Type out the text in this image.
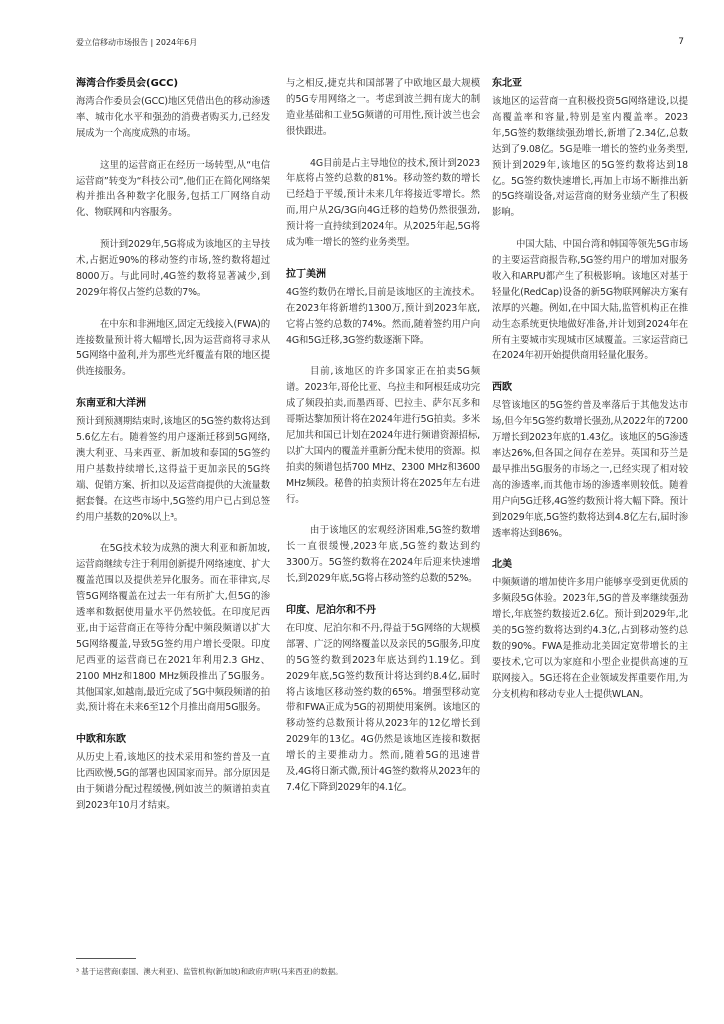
爱立信移动市场报告 | 2024年6月	7
海湾合作委员会(GCC)

海湾合作委员会(GCC)地区凭借出色的移动渗透率、城市化水平和强劲的消费者购买力,已经发展成为一个高度成熟的市场。

这里的运营商正在经历一场转型,从“电信运营商”转变为“科技公司”,他们正在简化网络架构并推出各种数字化服务,包括工厂网络自动化、物联网和内容服务。

预计到2029年,5G将成为该地区的主导技术,占据近90%的移动签约市场,签约数将超过8000万。与此同时,4G签约数将显著减少,到2029年将仅占签约总数的7%。

在中东和非洲地区,固定无线接入(FWA)的连接数量预计将大幅增长,因为运营商将寻求从5G网络中盈利,并为那些光纤覆盖有限的地区提供连接服务。

东南亚和大洋洲

预计到预测期结束时,该地区的5G签约数将达到5.6亿左右。随着签约用户逐渐迁移到5G网络,澳大利亚、马来西亚、新加坡和泰国的5G签约用户基数持续增长,这得益于更加亲民的5G终端、促销方案、折扣以及运营商提供的大流量数据套餐。在这些市场中,5G签约用户已占到总签约用户基数的20%以上³。

在5G技术较为成熟的澳大利亚和新加坡,运营商继续专注于利用创新提升网络速度、扩大覆盖范围以及提供差异化服务。而在菲律宾,尽管5G网络覆盖在过去一年有所扩大,但5G的渗透率和数据使用量水平仍然较低。在印度尼西亚,由于运营商正在等待分配中频段频谱以扩大5G网络覆盖,导致5G签约用户增长受限。印度尼西亚的运营商已在2021年利用2.3 GHz、2100 MHz和1800 MHz频段推出了5G服务。其他国家,如越南,最近完成了5G中频段频谱的拍卖,预计将在未来6至12个月推出商用5G服务。

中欧和东欧

从历史上看,该地区的技术采用和签约普及一直比西欧慢,5G的部署也因国家而异。部分原因是由于频谱分配过程缓慢,例如波兰的频谱拍卖直到2023年10月才结束。

与之相反,捷克共和国部署了中欧地区最大规模的5G专用网络之一。考虑到波兰拥有庞大的制造业基础和工业5G频谱的可用性,预计波兰也会很快跟进。

4G目前是占主导地位的技术,预计到2023年底将占签约总数的81%。移动签约数的增长已经趋于平缓,预计未来几年将接近零增长。然而,用户从2G/3G向4G迁移的趋势仍然很强劲,预计将一直持续到2024年。从2025年起,5G将成为唯一增长的签约业务类型。

拉丁美洲

4G签约数仍在增长,目前是该地区的主流技术。在2023年将新增约1300万,预计到2023年底,它将占签约总数的74%。然而,随着签约用户向4G和5G迁移,3G签约数逐渐下降。

目前,该地区的许多国家正在拍卖5G频谱。2023年,哥伦比亚、乌拉圭和阿根廷成功完成了频段拍卖,而墨西哥、巴拉圭、萨尔瓦多和哥斯达黎加预计将在2024年进行5G拍卖。多米尼加共和国已计划在2024年进行频谱资源招标,以扩大国内的覆盖并重新分配未使用的资源。拟拍卖的频谱包括700 MHz、2300 MHz和3600 MHz频段。秘鲁的拍卖预计将在2025年左右进行。

由于该地区的宏观经济困难,5G签约数增长一直很缓慢,2023年底,5G签约数达到约3300万。5G签约数将在2024年后迎来快速增长,到2029年底,5G将占移动签约总数的52%。

印度、尼泊尔和不丹

在印度、尼泊尔和不丹,得益于5G网络的大规模部署、广泛的网络覆盖以及亲民的5G服务,印度的5G签约数到2023年底达到约1.19亿。到2029年底,5G签约数预计将达到约8.4亿,届时将占该地区移动签约数的65%。增强型移动宽带和FWA正成为5G的初期使用案例。该地区的移动签约总数预计将从2023年的12亿增长到2029年的13亿。4G仍然是该地区连接和数据增长的主要推动力。然而,随着5G的迅速普及,4G将日渐式微,预计4G签约数将从2023年的7.4亿下降到2029年的4.1亿。

东北亚

该地区的运营商一直积极投资5G网络建设,以提高覆盖率和容量,特别是室内覆盖率。2023年,5G签约数继续强劲增长,新增了2.34亿,总数达到了9.08亿。5G是唯一增长的签约业务类型,预计到2029年,该地区的5G签约数将达到18亿。5G签约数快速增长,再加上市场不断推出新的5G终端设备,对运营商的财务业绩产生了积极影响。

中国大陆、中国台湾和韩国等领先5G市场的主要运营商报告称,5G签约用户的增加对服务收入和ARPU都产生了积极影响。该地区对基于轻量化(RedCap)设备的新5G物联网解决方案有浓厚的兴趣。例如,在中国大陆,监管机构正在推动生态系统更快地做好准备,并计划到2024年在所有主要城市实现城市区域覆盖。三家运营商已在2024年初开始提供商用轻量化服务。

西欧

尽管该地区的5G签约普及率落后于其他发达市场,但今年5G签约数增长强劲,从2022年的7200万增长到2023年底的1.43亿。该地区的5G渗透率达26%,但各国之间存在差异。英国和芬兰是最早推出5G服务的市场之一,已经实现了相对较高的渗透率,而其他市场的渗透率则较低。随着用户向5G迁移,4G签约数预计将大幅下降。预计到2029年底,5G签约数将达到4.8亿左右,届时渗透率将达到86%。

北美

中频频谱的增加使许多用户能够享受到更优质的多频段5G体验。2023年,5G的普及率继续强劲增长,年底签约数接近2.6亿。预计到2029年,北美的5G签约数将达到约4.3亿,占到移动签约总数的90%。FWA是推动北美固定宽带增长的主要技术,它可以为家庭和小型企业提供高速的互联网接入。5G还将在企业领域发挥重要作用,为分支机构和移动专业人士提供WLAN。

³ 基于运营商(泰国、澳大利亚)、监管机构(新加坡)和政府声明(马来西亚)的数据。
